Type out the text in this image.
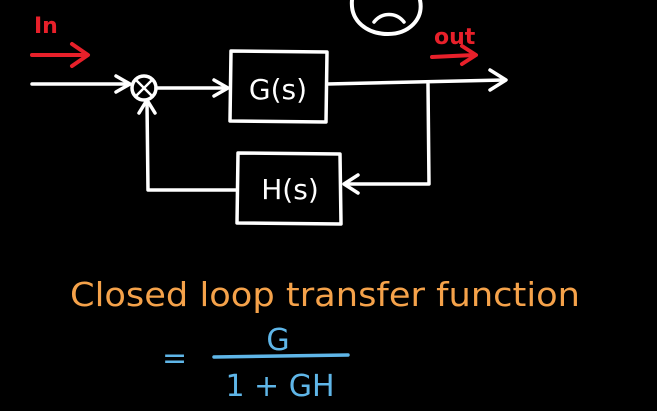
In	out
G(s)
H(s)
Closed loop transfer function
=
G
1 + GH
